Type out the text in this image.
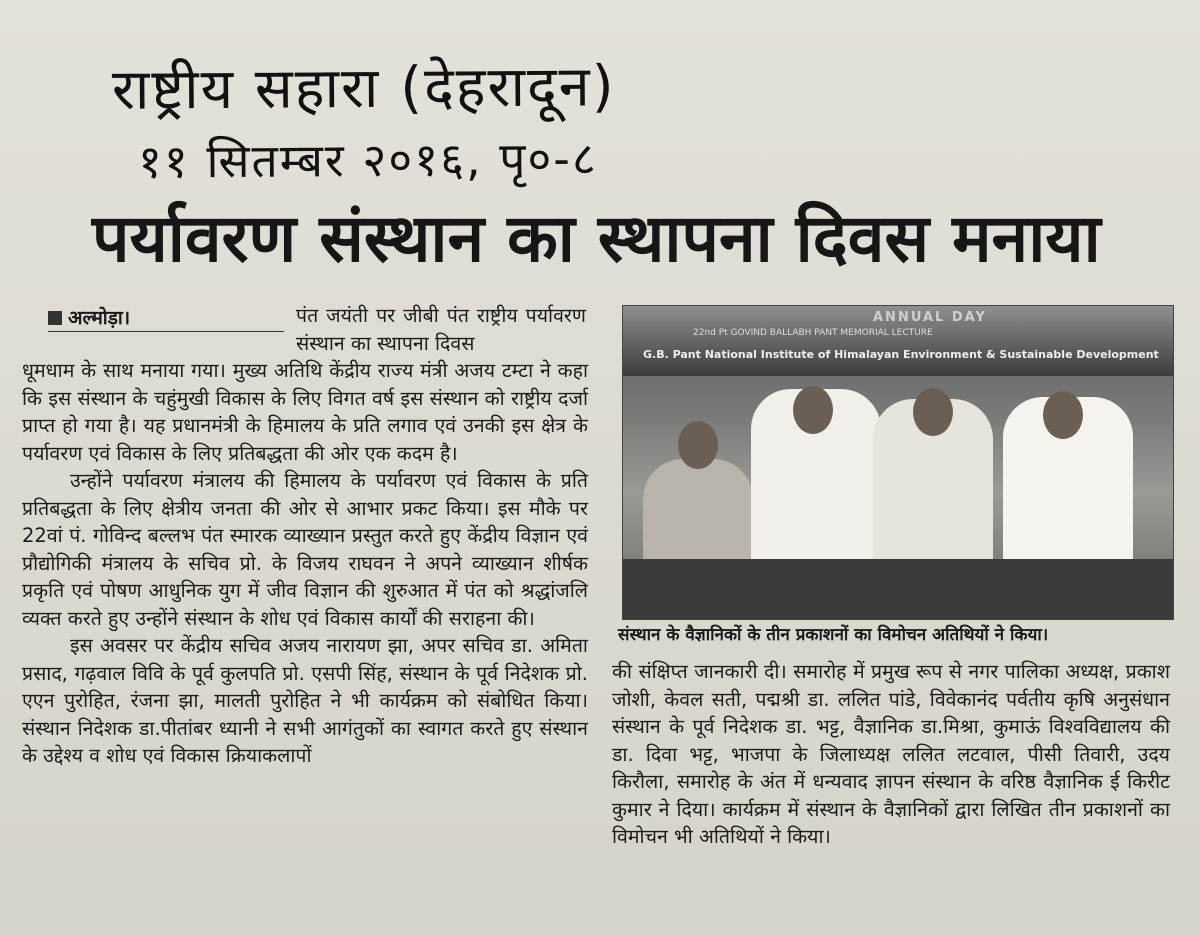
राष्ट्रीय सहारा (देहरादून)
११ सितम्बर २०१६, पृ०-८
पर्यावरण संस्थान का स्थापना दिवस मनाया
अल्मोड़ा।	पंत जयंती पर जीबी पंत राष्ट्रीय पर्यावरण संस्थान का स्थापना दिवस

धूमधाम के साथ मनाया गया। मुख्य अतिथि केंद्रीय राज्य मंत्री अजय टम्टा ने कहा कि इस संस्थान के चहुंमुखी विकास के लिए विगत वर्ष इस संस्थान को राष्ट्रीय दर्जा प्राप्त हो गया है। यह प्रधानमंत्री के हिमालय के प्रति लगाव एवं उनकी इस क्षेत्र के पर्यावरण एवं विकास के लिए प्रतिबद्धता की ओर एक कदम है।

उन्होंने पर्यावरण मंत्रालय की हिमालय के पर्यावरण एवं विकास के प्रति प्रतिबद्धता के लिए क्षेत्रीय जनता की ओर से आभार प्रकट किया। इस मौके पर 22वां पं. गोविन्द बल्लभ पंत स्मारक व्याख्यान प्रस्तुत करते हुए केंद्रीय विज्ञान एवं प्रौद्योगिकी मंत्रालय के सचिव प्रो. के विजय राघवन ने अपने व्याख्यान शीर्षक प्रकृति एवं पोषण आधुनिक युग में जीव विज्ञान की शुरुआत में पंत को श्रद्धांजलि व्यक्त करते हुए उन्होंने संस्थान के शोध एवं विकास कार्यों की सराहना की।

इस अवसर पर केंद्रीय सचिव अजय नारायण झा, अपर सचिव डा. अमिता प्रसाद, गढ़वाल विवि के पूर्व कुलपति प्रो. एसपी सिंह, संस्थान के पूर्व निदेशक प्रो. एएन पुरोहित, रंजना झा, मालती पुरोहित ने भी कार्यक्रम को संबोधित किया। संस्थान निदेशक डा.पीतांबर ध्यानी ने सभी आगंतुकों का स्वागत करते हुए संस्थान के उद्देश्य व शोध एवं विकास क्रियाकलापों

ANNUAL DAY
22nd Pt GOVIND BALLABH PANT MEMORIAL LECTURE
G.B. Pant National Institute of Himalayan Environment & Sustainable Development
संस्थान के वैज्ञानिकों के तीन प्रकाशनों का विमोचन अतिथियों ने किया।

की संक्षिप्त जानकारी दी। समारोह में प्रमुख रूप से नगर पालिका अध्यक्ष, प्रकाश जोशी, केवल सती, पद्मश्री डा. ललित पांडे, विवेकानंद पर्वतीय कृषि अनुसंधान संस्थान के पूर्व निदेशक डा. भट्ट, वैज्ञानिक डा.मिश्रा, कुमाऊं विश्वविद्यालय की डा. दिवा भट्ट, भाजपा के जिलाध्यक्ष ललित लटवाल, पीसी तिवारी, उदय किरौला, समारोह के अंत में धन्यवाद ज्ञापन संस्थान के वरिष्ठ वैज्ञानिक ई किरीट कुमार ने दिया। कार्यक्रम में संस्थान के वैज्ञानिकों द्वारा लिखित तीन प्रकाशनों का विमोचन भी अतिथियों ने किया।
